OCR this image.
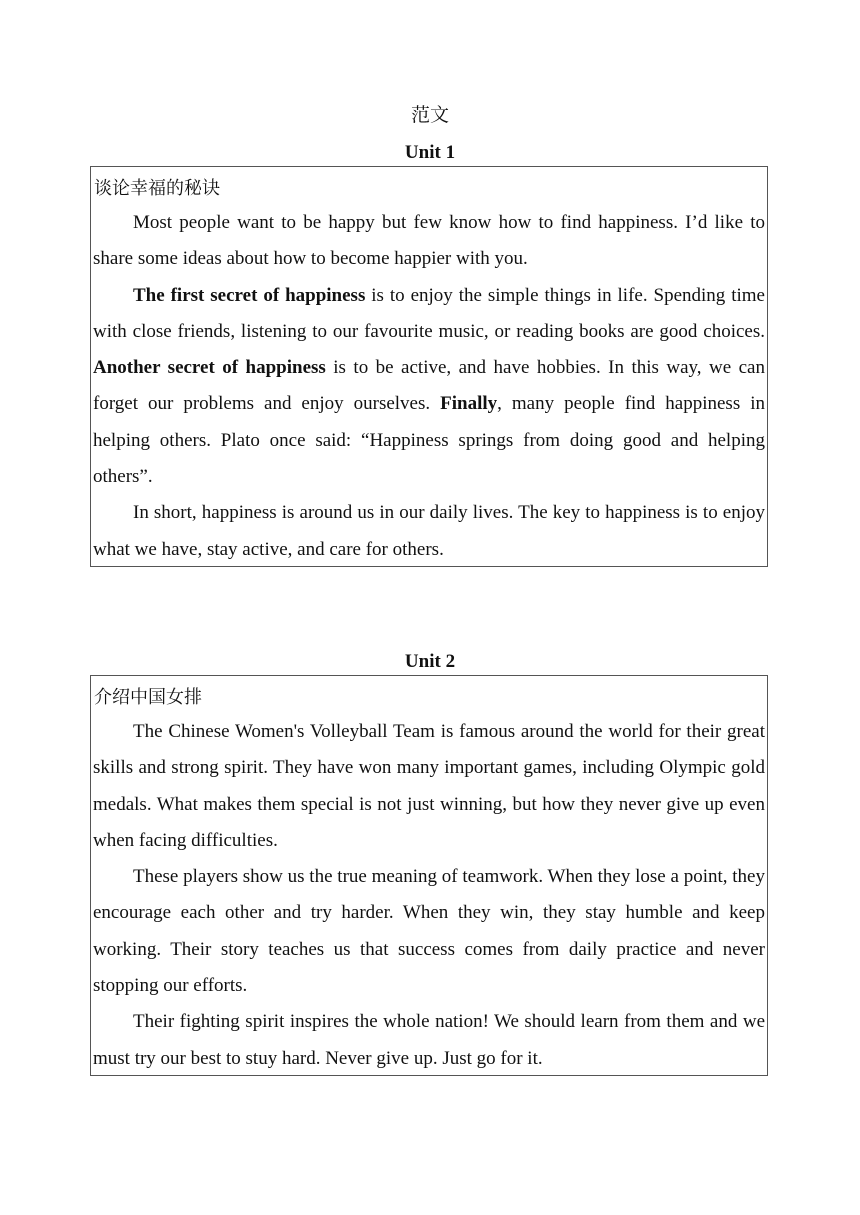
范文
Unit 1
谈论幸福的秘诀

Most people want to be happy but few know how to find happiness. I’d like to share some ideas about how to become happier with you.

The first secret of happiness is to enjoy the simple things in life. Spending time with close friends, listening to our favourite music, or reading books are good choices. Another secret of happiness is to be active, and have hobbies. In this way, we can forget our problems and enjoy ourselves. Finally, many people find happiness in helping others. Plato once said: “Happiness springs from doing good and helping others”.

In short, happiness is around us in our daily lives. The key to happiness is to enjoy what we have, stay active, and care for others.

Unit 2
介绍中国女排

The Chinese Women's Volleyball Team is famous around the world for their great skills and strong spirit. They have won many important games, including Olympic gold medals. What makes them special is not just winning, but how they never give up even when facing difficulties.

These players show us the true meaning of teamwork. When they lose a point, they encourage each other and try harder. When they win, they stay humble and keep working. Their story teaches us that success comes from daily practice and never stopping our efforts.

Their fighting spirit inspires the whole nation! We should learn from them and we must try our best to stuy hard. Never give up. Just go for it.
